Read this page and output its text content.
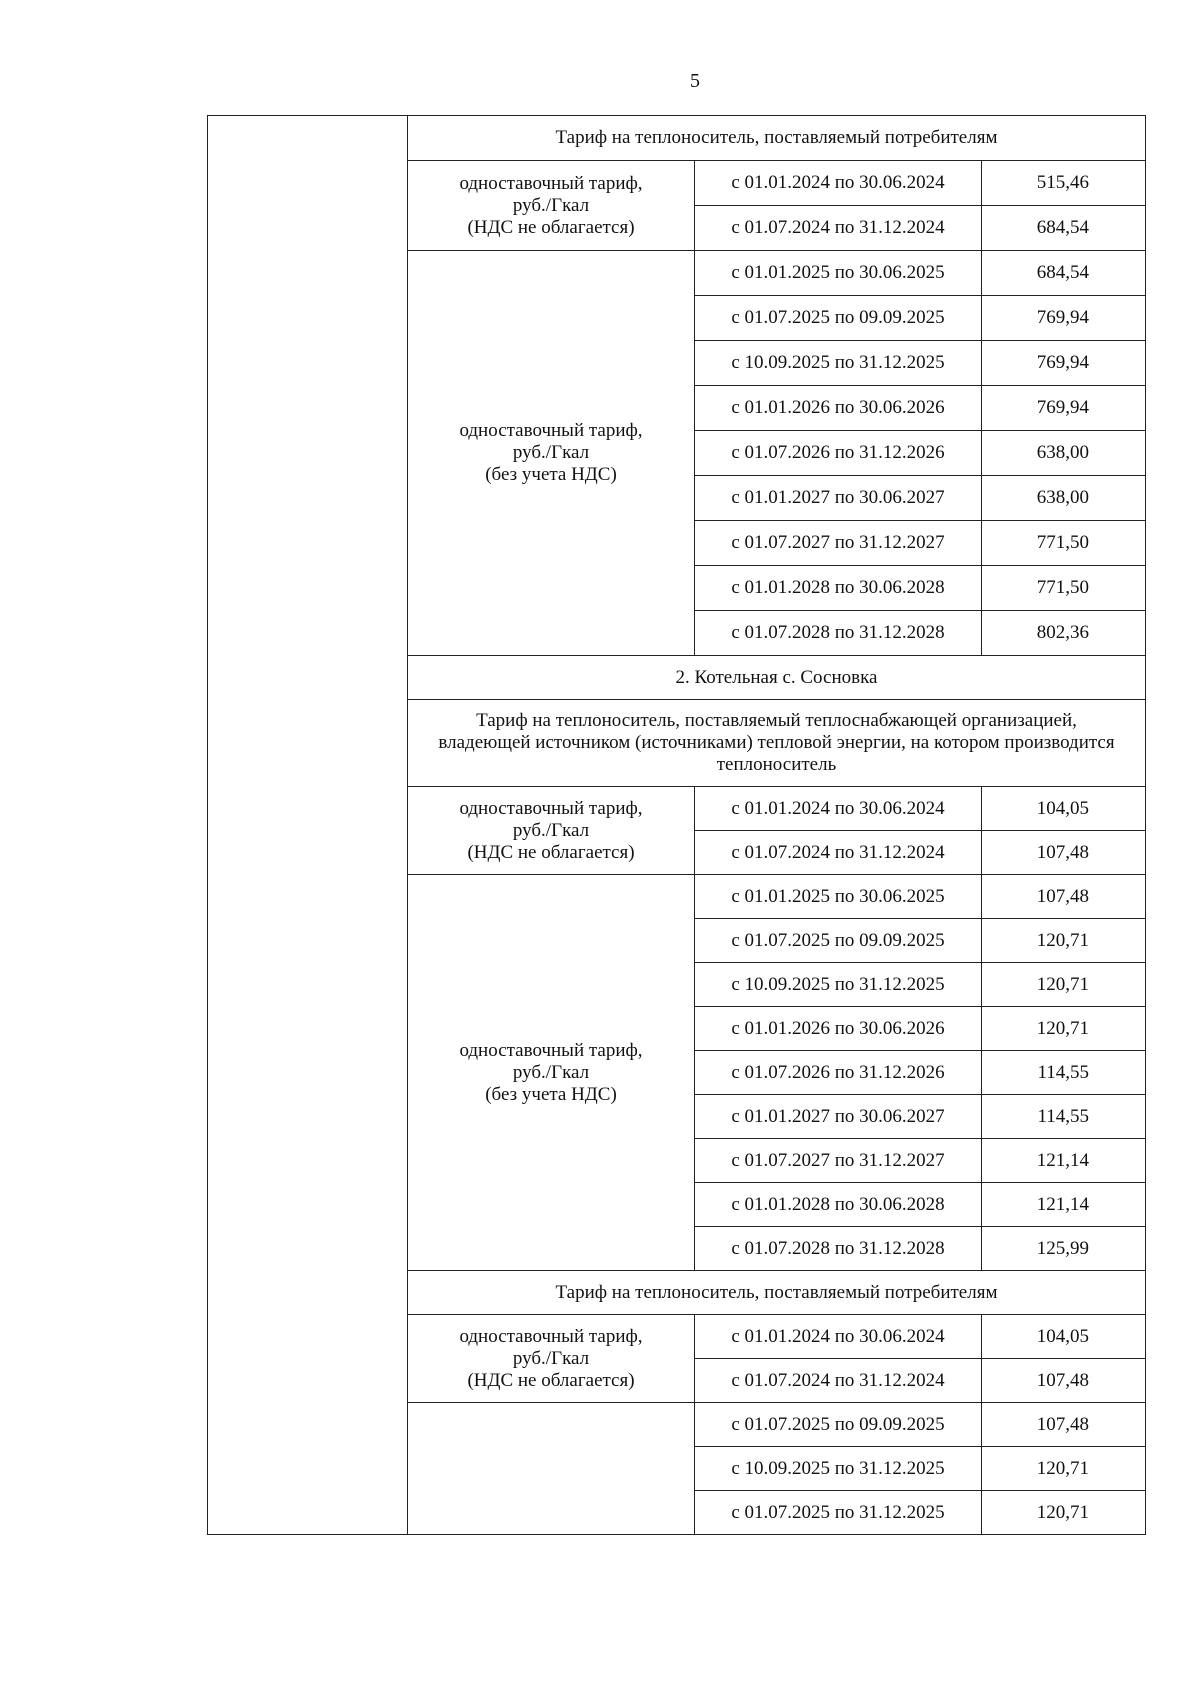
5
	Тариф на теплоноситель, поставляемый потребителям		
	одноставочный тариф,
руб./Гкал
(НДС не облагается)	с 01.01.2024 по 30.06.2024	515,46
		с 01.07.2024 по 31.12.2024	684,54
	одноставочный тариф,
руб./Гкал
(без учета НДС)	с 01.01.2025 по 30.06.2025	684,54
		с 01.07.2025 по 09.09.2025	769,94
		с 10.09.2025 по 31.12.2025	769,94
		с 01.01.2026 по 30.06.2026	769,94
		с 01.07.2026 по 31.12.2026	638,00
		с 01.01.2027 по 30.06.2027	638,00
		с 01.07.2027 по 31.12.2027	771,50
		с 01.01.2028 по 30.06.2028	771,50
		с 01.07.2028 по 31.12.2028	802,36
	2. Котельная с. Сосновка		
	Тариф на теплоноситель, поставляемый теплоснабжающей организацией, владеющей источником (источниками) тепловой энергии, на котором производится теплоноситель		
	одноставочный тариф,
руб./Гкал
(НДС не облагается)	с 01.01.2024 по 30.06.2024	104,05
		с 01.07.2024 по 31.12.2024	107,48
	одноставочный тариф,
руб./Гкал
(без учета НДС)	с 01.01.2025 по 30.06.2025	107,48
		с 01.07.2025 по 09.09.2025	120,71
		с 10.09.2025 по 31.12.2025	120,71
		с 01.01.2026 по 30.06.2026	120,71
		с 01.07.2026 по 31.12.2026	114,55
		с 01.01.2027 по 30.06.2027	114,55
		с 01.07.2027 по 31.12.2027	121,14
		с 01.01.2028 по 30.06.2028	121,14
		с 01.07.2028 по 31.12.2028	125,99
	Тариф на теплоноситель, поставляемый потребителям		
	одноставочный тариф,
руб./Гкал
(НДС не облагается)	с 01.01.2024 по 30.06.2024	104,05
		с 01.07.2024 по 31.12.2024	107,48
		с 01.07.2025 по 09.09.2025	107,48
		с 10.09.2025 по 31.12.2025	120,71
		с 01.07.2025 по 31.12.2025	120,71
